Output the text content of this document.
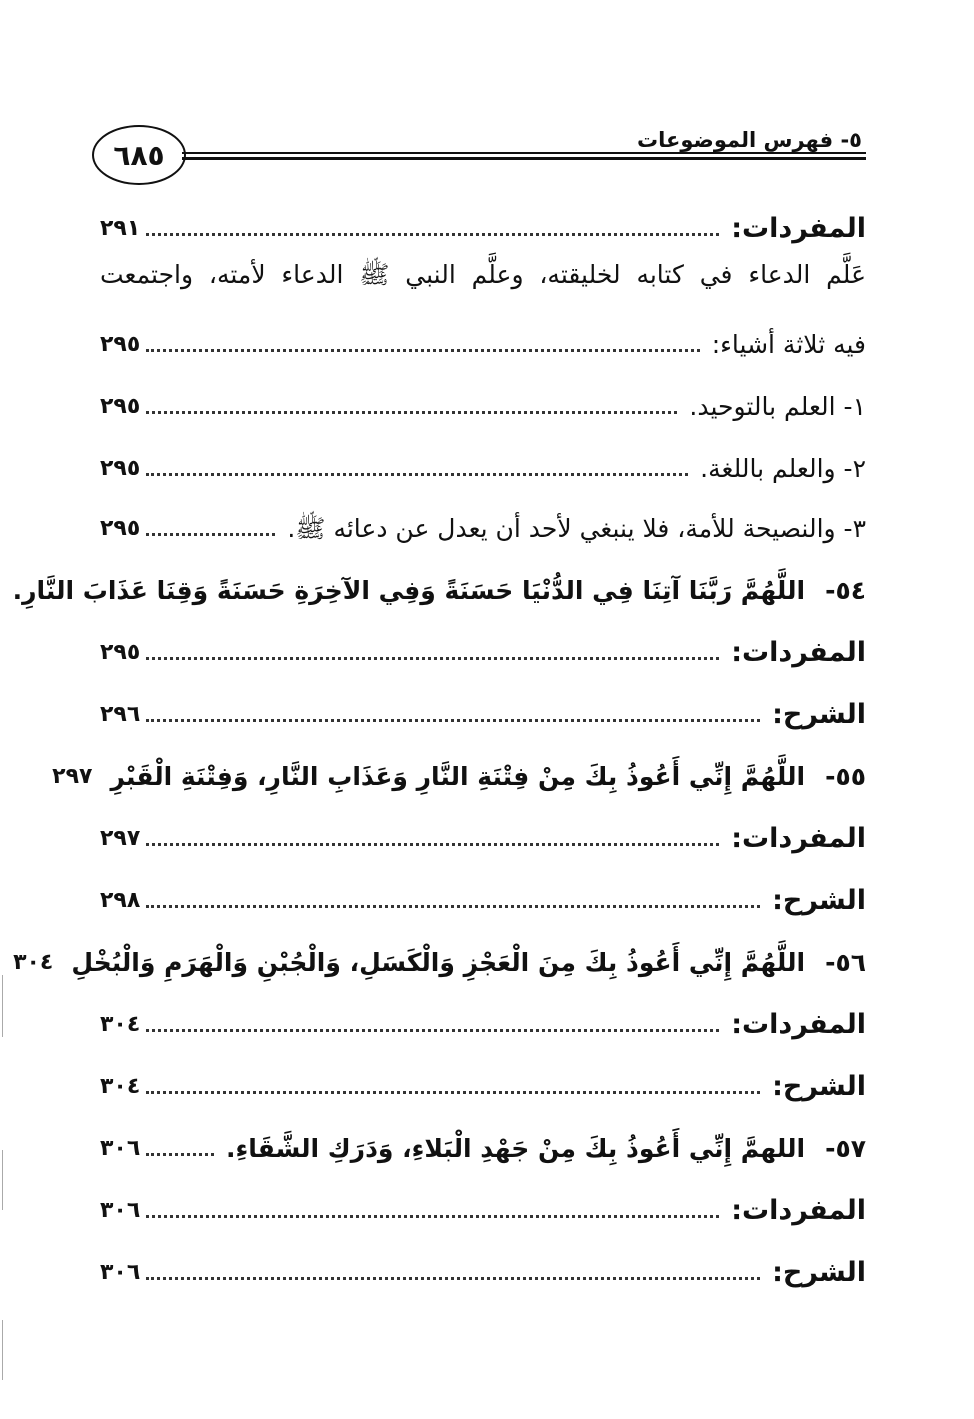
٥- فهرس الموضوعات
٦٨٥
المفردات:
٢٩١
عَلَّم الدعاء في كتابه لخليقته، وعلَّم النبي ﷺ الدعاء لأمته، واجتمعت
فيه ثلاثة أشياء:
٢٩٥
١- العلم بالتوحيد.
٢٩٥
٢- والعلم باللغة.
٢٩٥
٣- والنصيحة للأمة، فلا ينبغي لأحد أن يعدل عن دعائه ﷺ.
٢٩٥
٥٤-
اللَّهُمَّ رَبَّنَا آتِنَا فِي الدُّنْيَا حَسَنَةً وَفِي الآخِرَةِ حَسَنَةً وَقِنَا عَذَابَ النَّارِ.
المفردات:
٢٩٥
الشرح:
٢٩٦
٥٥-
اللَّهُمَّ إِنِّي أَعُوذُ بِكَ مِنْ فِتْنَةِ النَّارِ وَعَذَابِ النَّارِ، وَفِتْنَةِ الْقَبْرِ
٢٩٧
المفردات:
٢٩٧
الشرح:
٢٩٨
٥٦-
اللَّهُمَّ إِنِّي أَعُوذُ بِكَ مِنَ الْعَجْزِ وَالْكَسَلِ، وَالْجُبْنِ وَالْهَرَمِ وَالْبُخْلِ
٣٠٤
المفردات:
٣٠٤
الشرح:
٣٠٤
٥٧-
اللهمَّ إِنِّي أَعُوذُ بِكَ مِنْ جَهْدِ الْبَلاءِ، وَدَرَكِ الشَّقَاءِ.
٣٠٦
المفردات:
٣٠٦
الشرح:
٣٠٦
